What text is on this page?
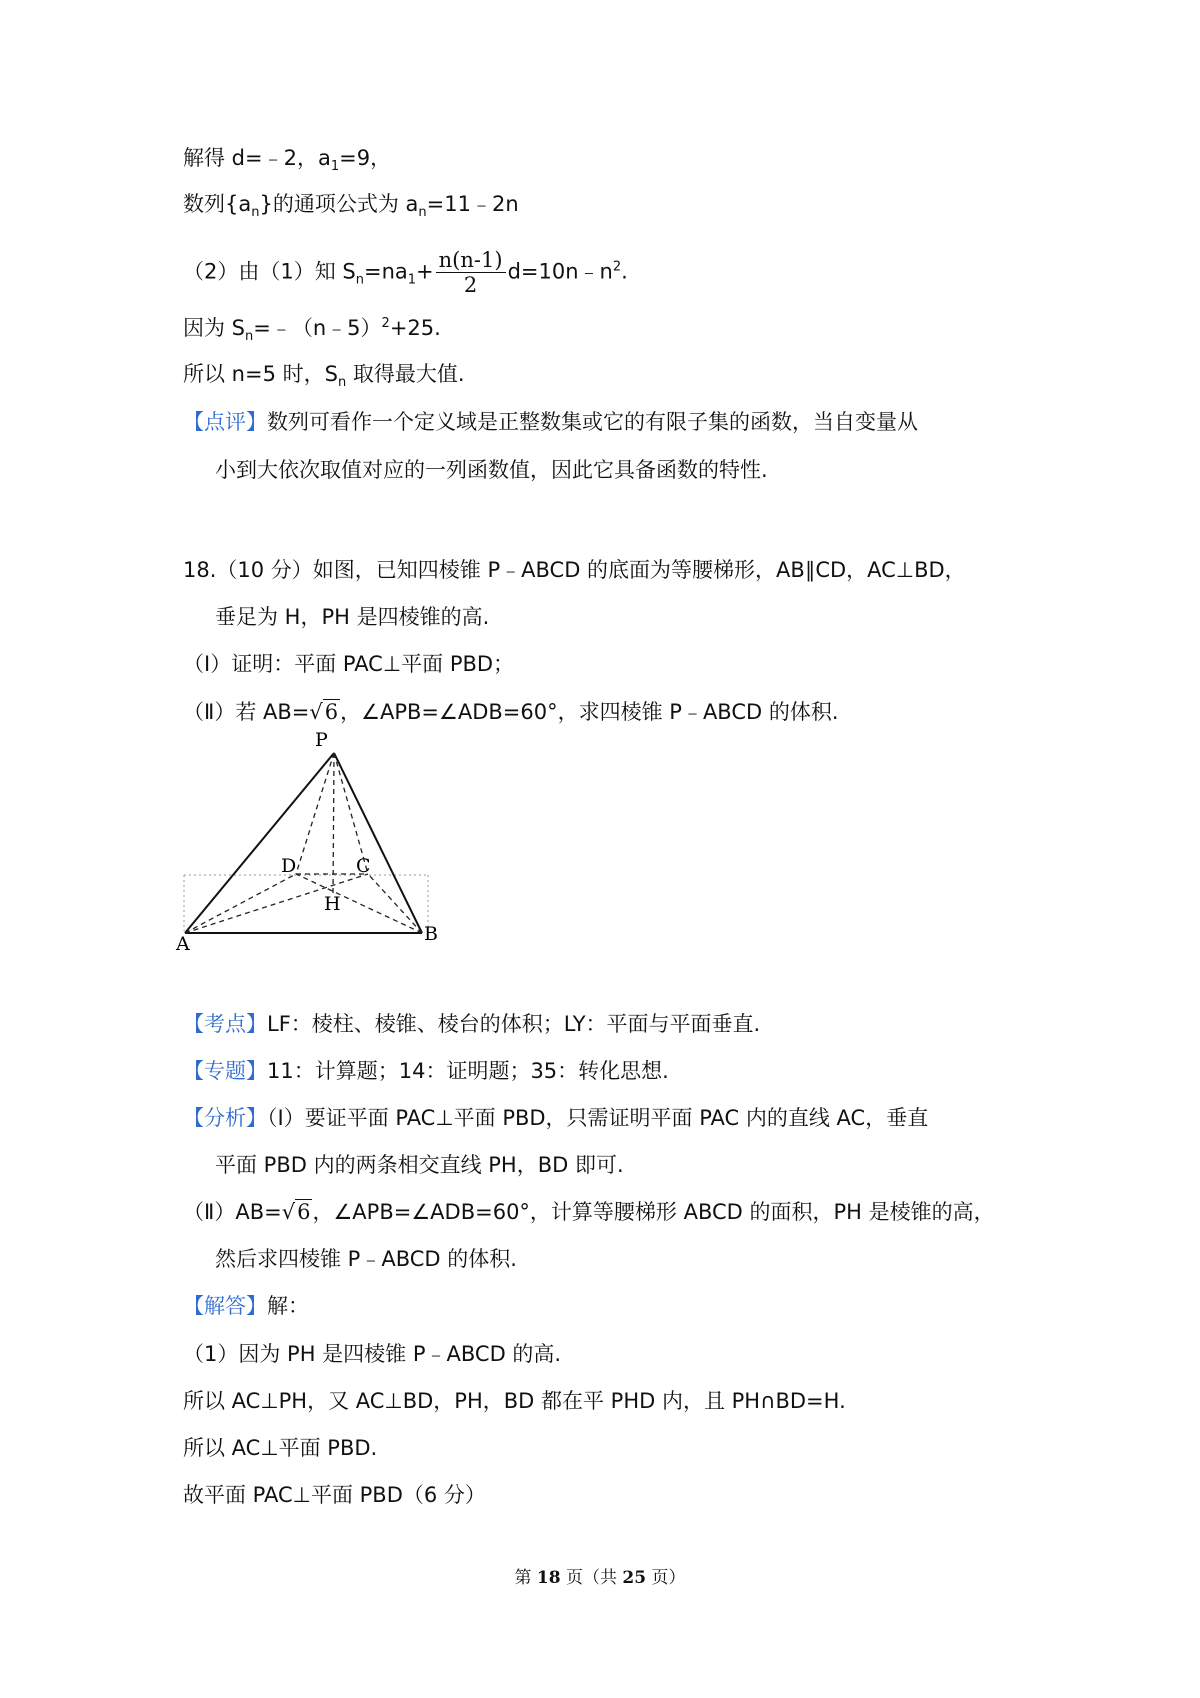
解得 d=﹣2，$a_1=9$，
数列$\{a_n\}$的通项公式为 $a_n=11﹣2n$
（2）由（1）知 $S_n=na_1+ \frac{n(n-1)}{2}$ $d=10n﹣n^2$.
因为 $S_n=﹣(n﹣5)^2+25$.
所以 n=5 时，$S_n$ 取得最大值.
【点评】数列可看作一个定义域是正整数集或它的有限子集的函数，当自变量从
小到大依次取值对应的一列函数值，因此它具备函数的特性.
18.（10 分）如图，已知四棱锥 P﹣ABCD 的底面为等腰梯形，AB∥CD，AC⊥BD，
垂足为 H，PH 是四棱锥的高.
（Ⅰ）证明：平面 PAC⊥平面 PBD；
（Ⅱ）若 AB=√6，∠APB=∠ADB=60°，求四棱锥 P﹣ABCD 的体积.
P
D	C
H
A	B
【考点】LF：棱柱、棱锥、棱台的体积；LY：平面与平面垂直.
【专题】11：计算题；14：证明题；35：转化思想.
【分析】（Ⅰ）要证平面 PAC⊥平面 PBD，只需证明平面 PAC 内的直线 AC，垂直
平面 PBD 内的两条相交直线 PH，BD 即可.
（Ⅱ）AB=√6，∠APB=∠ADB=60°，计算等腰梯形 ABCD 的面积，PH 是棱锥的高，
然后求四棱锥 P﹣ABCD 的体积.
【解答】解：
（1）因为 PH 是四棱锥 P﹣ABCD 的高.
所以 AC⊥PH，又 AC⊥BD，PH，BD 都在平 PHD 内，且 PH∩BD=H.
所以 AC⊥平面 PBD.
故平面 PAC⊥平面 PBD（6 分）
第 18 页（共 25 页）
